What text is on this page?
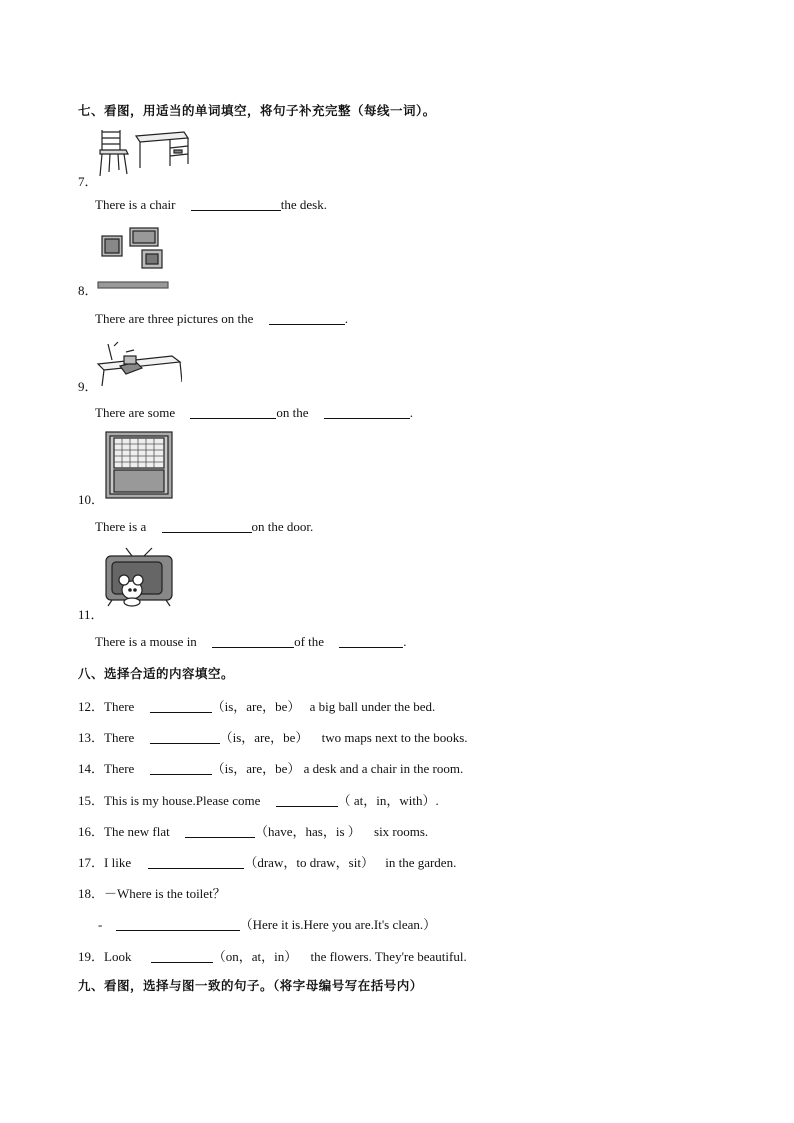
七、看图，用适当的单词填空，将句子补充完整（每线一词）。
7．
There is a chair	the desk.
8．
There are three pictures on the	.
9．
There are some	on the	.
10．
There is a	on the door.
11．
There is a mouse in	of the	.
八、选择合适的内容填空。
12．There	（is，are，be） a big ball under the bed.
13．There	（is，are，be） two maps next to the books.
14．There	（is，are，be） a desk and a chair in the room.
15．This is my house.Please come	（ at，in，with）.
16．The new flat	（have，has，is ） six rooms.
17．I like	（draw，to draw，sit） in the garden.
18．－Where is the toilet？
-	（Here it is.Here you are.It's clean.）
19．Look	（on，at，in） the flowers. They're beautiful.
九、看图，选择与图一致的句子。（将字母编号写在括号内）
